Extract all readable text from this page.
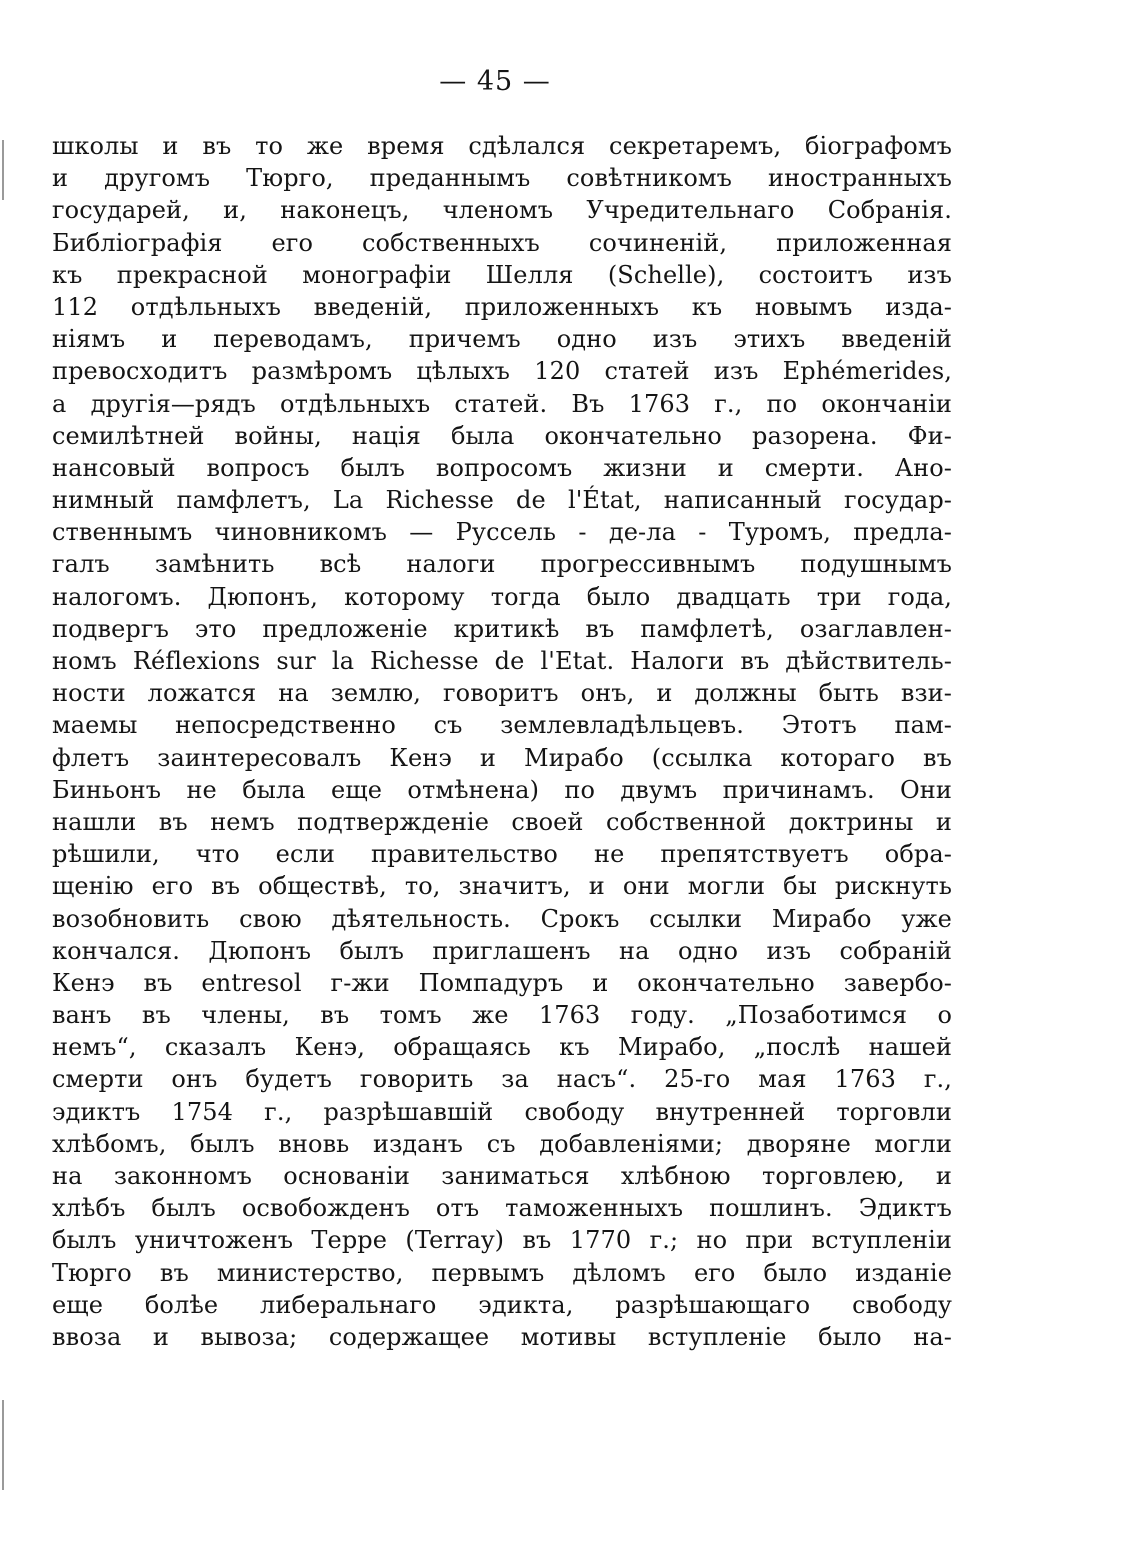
— 45 —
школы и въ то же время сдѣлался секретаремъ, біографомъ
и другомъ Тюрго, преданнымъ совѣтникомъ иностранныхъ
государей, и, наконецъ, членомъ Учредительнаго Собранія.
Библіографія его собственныхъ сочиненій, приложенная
къ прекрасной монографіи Шелля (Schelle), состоитъ изъ
112 отдѣльныхъ введеній, приложенныхъ къ новымъ изда-
ніямъ и переводамъ, причемъ одно изъ этихъ введеній
превосходитъ размѣромъ цѣлыхъ 120 статей изъ Ephémerides,
а другія—рядъ отдѣльныхъ статей. Въ 1763 г., по окончаніи
семилѣтней войны, нація была окончательно разорена. Фи-
нансовый вопросъ былъ вопросомъ жизни и смерти. Ано-
нимный памфлетъ, La Richesse de l'État, написанный государ-
ственнымъ чиновникомъ — Руссель - де-ла - Туромъ, предла-
галъ замѣнить всѣ налоги прогрессивнымъ подушнымъ
налогомъ. Дюпонъ, которому тогда было двадцать три года,
подвергъ это предложеніе критикѣ въ памфлетѣ, озаглавлен-
номъ Réflexions sur la Richesse de l'Etat. Налоги въ дѣйствитель-
ности ложатся на землю, говоритъ онъ, и должны быть взи-
маемы непосредственно съ землевладѣльцевъ. Этотъ пам-
флетъ заинтересовалъ Кенэ и Мирабо (ссылка котораго въ
Биньонъ не была еще отмѣнена) по двумъ причинамъ. Они
нашли въ немъ подтвержденіе своей собственной доктрины и
рѣшили, что если правительство не препятствуетъ обра-
щенію его въ обществѣ, то, значитъ, и они могли бы рискнуть
возобновить свою дѣятельность. Срокъ ссылки Мирабо уже
кончался. Дюпонъ былъ приглашенъ на одно изъ собраній
Кенэ въ entresol г-жи Помпадуръ и окончательно завербо-
ванъ въ члены, въ томъ же 1763 году. „Позаботимся о
немъ“, сказалъ Кенэ, обращаясь къ Мирабо, „послѣ нашей
смерти онъ будетъ говорить за насъ“. 25-го мая 1763 г.,
эдиктъ 1754 г., разрѣшавшій свободу внутренней торговли
хлѣбомъ, былъ вновь изданъ съ добавленіями; дворяне могли
на законномъ основаніи заниматься хлѣбною торговлею, и
хлѣбъ былъ освобожденъ отъ таможенныхъ пошлинъ. Эдиктъ
былъ уничтоженъ Терре (Terray) въ 1770 г.; но при вступленіи
Тюрго въ министерство, первымъ дѣломъ его было изданіе
еще болѣе либеральнаго эдикта, разрѣшающаго свободу
ввоза и вывоза; содержащее мотивы вступленіе было на-
